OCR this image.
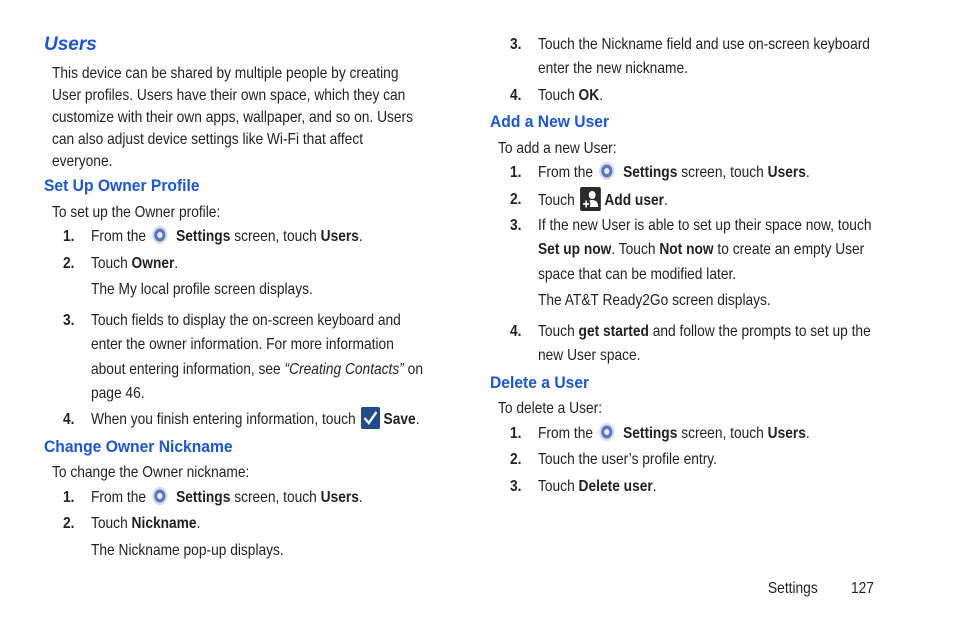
Users
This device can be shared by multiple people by creating
User profiles. Users have their own space, which they can
customize with their own apps, wallpaper, and so on. Users
can also adjust device settings like Wi-Fi that affect
everyone.
Set Up Owner Profile
To set up the Owner profile:
1. From the Settings screen, touch Users.
2. Touch Owner.
The My local profile screen displays.
3. Touch fields to display the on-screen keyboard and
enter the owner information. For more information
about entering information, see “Creating Contacts” on
page 46.
4. When you finish entering information, touch Save.
Change Owner Nickname
To change the Owner nickname:
1. From the Settings screen, touch Users.
2. Touch Nickname.
The Nickname pop-up displays.
3. Touch the Nickname field and use on-screen keyboard
enter the new nickname.
4. Touch OK.
Add a New User
To add a new User:
1. From the Settings screen, touch Users.
2. Touch Add user.
3. If the new User is able to set up their space now, touch
Set up now. Touch Not now to create an empty User
space that can be modified later.
The AT&T Ready2Go screen displays.
4. Touch get started and follow the prompts to set up the
new User space.
Delete a User
To delete a User:
1. From the Settings screen, touch Users.
2. Touch the user’s profile entry.
3. Touch Delete user.
Settings 127
